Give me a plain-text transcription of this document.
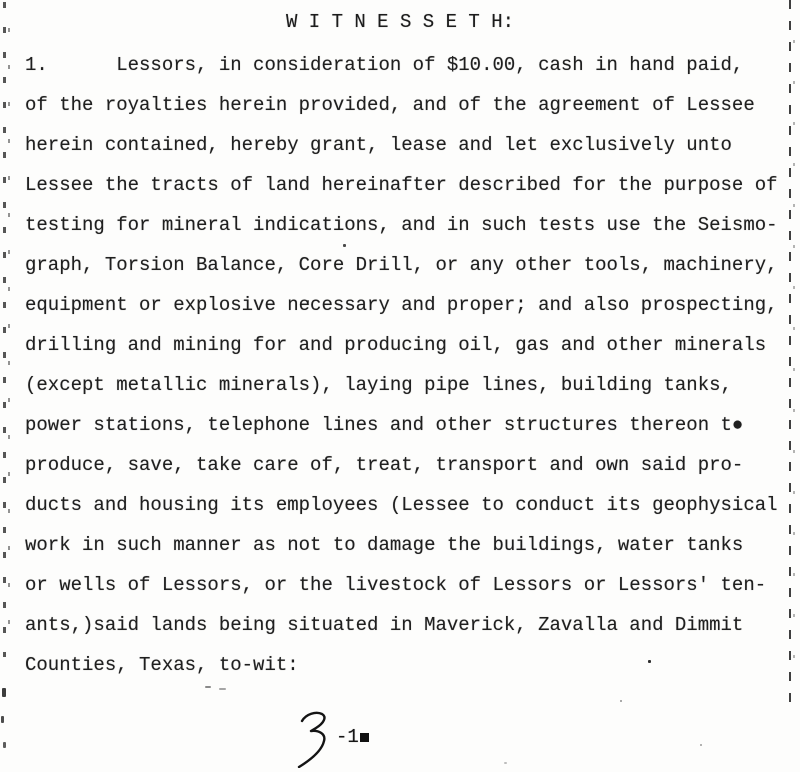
W I T N E S S E T H:
1.      Lessors, in consideration of $10.00, cash in hand paid,
of the royalties herein provided, and of the agreement of Lessee
herein contained, hereby grant, lease and let exclusively unto
Lessee the tracts of land hereinafter described for the purpose of
testing for mineral indications, and in such tests use the Seismo-
graph, Torsion Balance, Core Drill, or any other tools, machinery,
equipment or explosive necessary and proper; and also prospecting,
drilling and mining for and producing oil, gas and other minerals
(except metallic minerals), laying pipe lines, building tanks,
power stations, telephone lines and other structures thereon t●
produce, save, take care of, treat, transport and own said pro-
ducts and housing its employees (Lessee to conduct its geophysical
work in such manner as not to damage the buildings, water tanks
or wells of Lessors, or the livestock of Lessors or Lessors' ten-
ants,)said lands being situated in Maverick, Zavalla and Dimmit
Counties, Texas, to-wit:
-1
